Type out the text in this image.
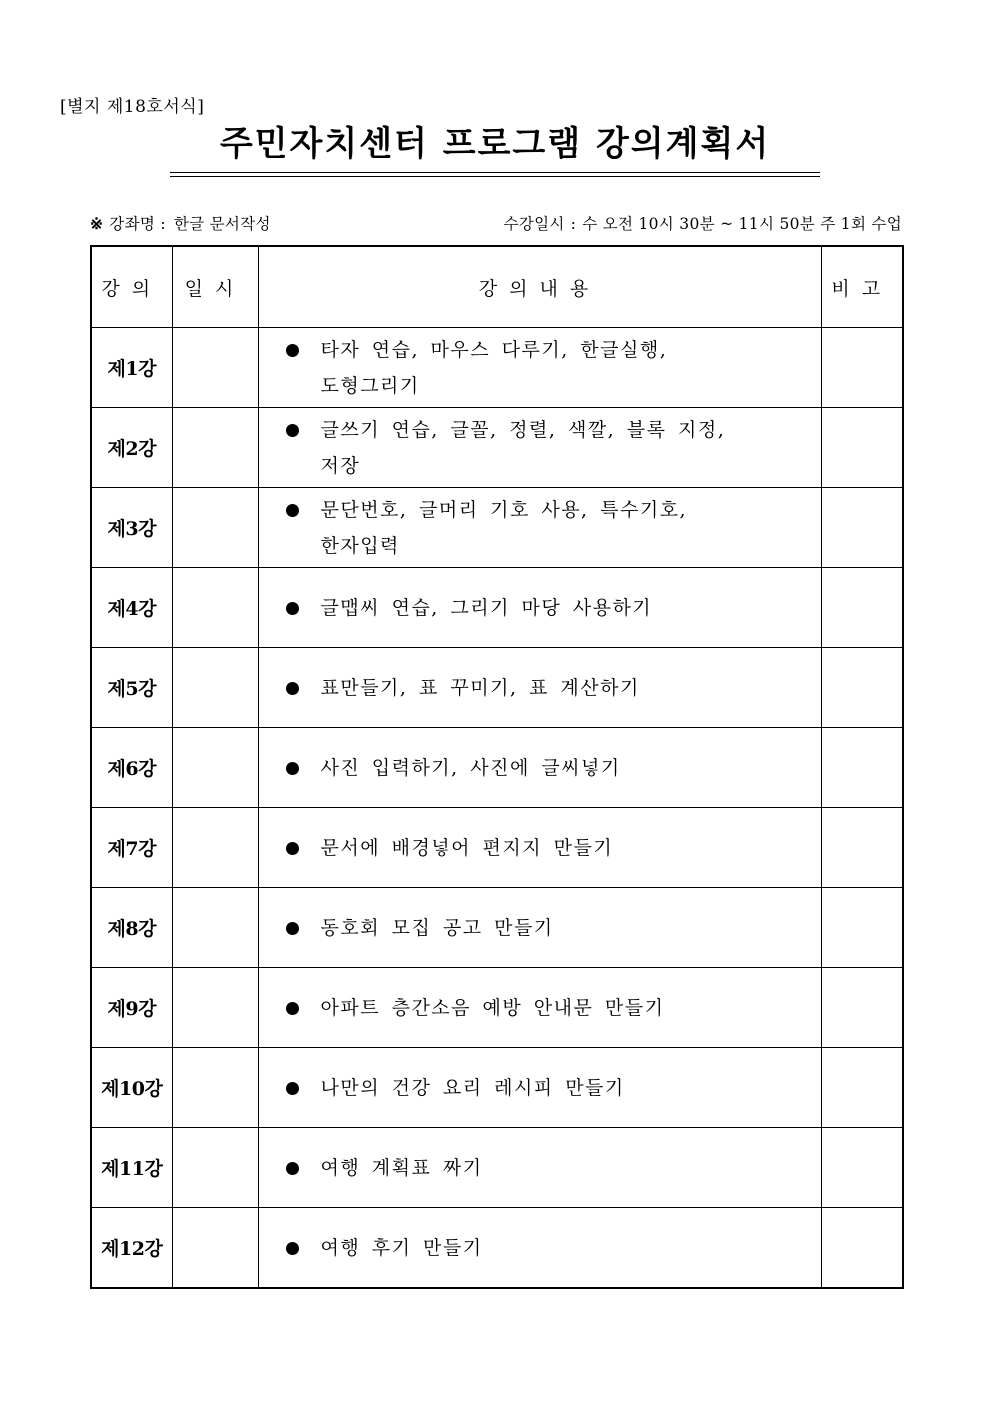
[별지 제18호서식]
주민자치센터 프로그램 강의계획서
※ 강좌명 : 한글 문서작성	수강일시 : 수 오전 10시 30분 ~ 11시 50분 주 1회 수업
강의	일시	강의내용	비고
제1강		타자 연습, 마우스 다루기, 한글실행,
도형그리기	

제2강		글쓰기 연습, 글꼴, 정렬, 색깔, 블록 지정,
저장	

제3강		문단번호, 글머리 기호 사용, 특수기호,
한자입력	

제4강		글맵씨 연습, 그리기 마당 사용하기	

제5강		표만들기, 표 꾸미기, 표 계산하기	

제6강		사진 입력하기, 사진에 글씨넣기	

제7강		문서에 배경넣어 편지지 만들기	

제8강		동호회 모집 공고 만들기	

제9강		아파트 층간소음 예방 안내문 만들기	

제10강		나만의 건강 요리 레시피 만들기	

제11강		여행 계획표 짜기	

제12강		여행 후기 만들기	
